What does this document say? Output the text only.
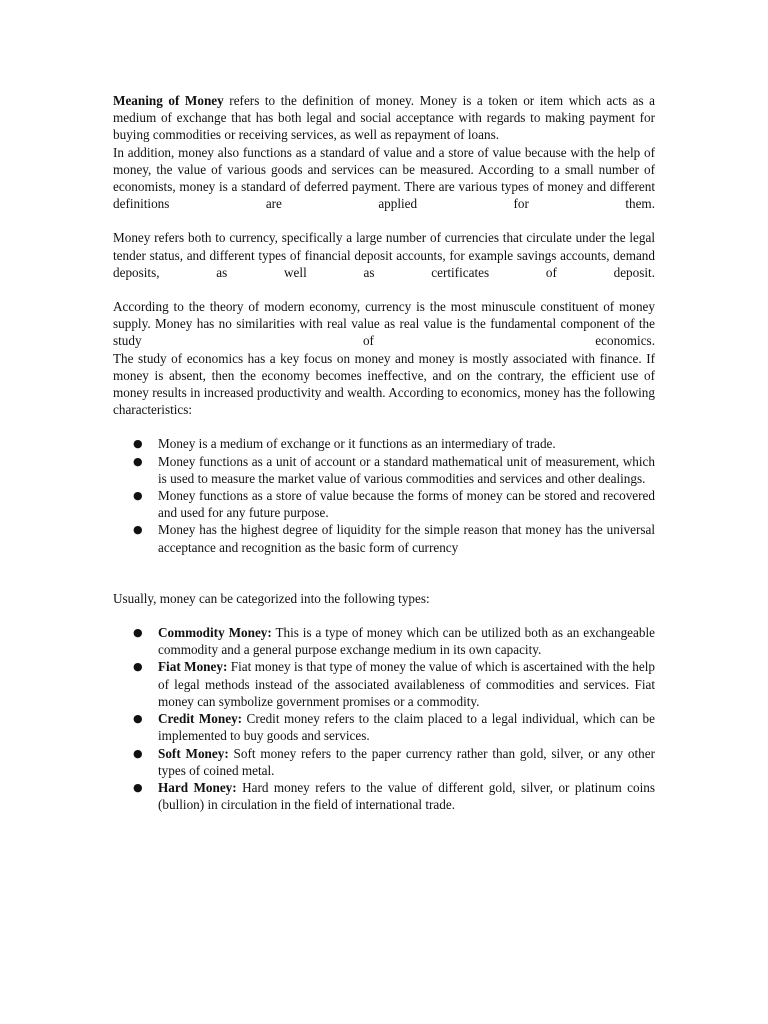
Meaning of Money refers to the definition of money. Money is a token or item which acts as a medium of exchange that has both legal and social acceptance with regards to making payment for buying commodities or receiving services, as well as repayment of loans.

In addition, money also functions as a standard of value and a store of value because with the help of money, the value of various goods and services can be measured. According to a small number of economists, money is a standard of deferred payment. There are various types of money and different definitions are applied for them.

Money refers both to currency, specifically a large number of currencies that circulate under the legal tender status, and different types of financial deposit accounts, for example savings accounts, demand deposits, as well as certificates of deposit.

According to the theory of modern economy, currency is the most minuscule constituent of money supply. Money has no similarities with real value as real value is the fundamental component of the study of economics.

The study of economics has a key focus on money and money is mostly associated with finance. If money is absent, then the economy becomes ineffective, and on the contrary, the efficient use of money results in increased productivity and wealth. According to economics, money has the following characteristics:

● Money is a medium of exchange or it functions as an intermediary of trade.
● Money functions as a unit of account or a standard mathematical unit of measurement, which is used to measure the market value of various commodities and services and other dealings.
● Money functions as a store of value because the forms of money can be stored and recovered and used for any future purpose.
● Money has the highest degree of liquidity for the simple reason that money has the universal acceptance and recognition as the basic form of currency

Usually, money can be categorized into the following types:

● Commodity Money: This is a type of money which can be utilized both as an exchangeable commodity and a general purpose exchange medium in its own capacity.
● Fiat Money: Fiat money is that type of money the value of which is ascertained with the help of legal methods instead of the associated availableness of commodities and services. Fiat money can symbolize government promises or a commodity.
● Credit Money: Credit money refers to the claim placed to a legal individual, which can be implemented to buy goods and services.
● Soft Money: Soft money refers to the paper currency rather than gold, silver, or any other types of coined metal.
● Hard Money: Hard money refers to the value of different gold, silver, or platinum coins (bullion) in circulation in the field of international trade.
